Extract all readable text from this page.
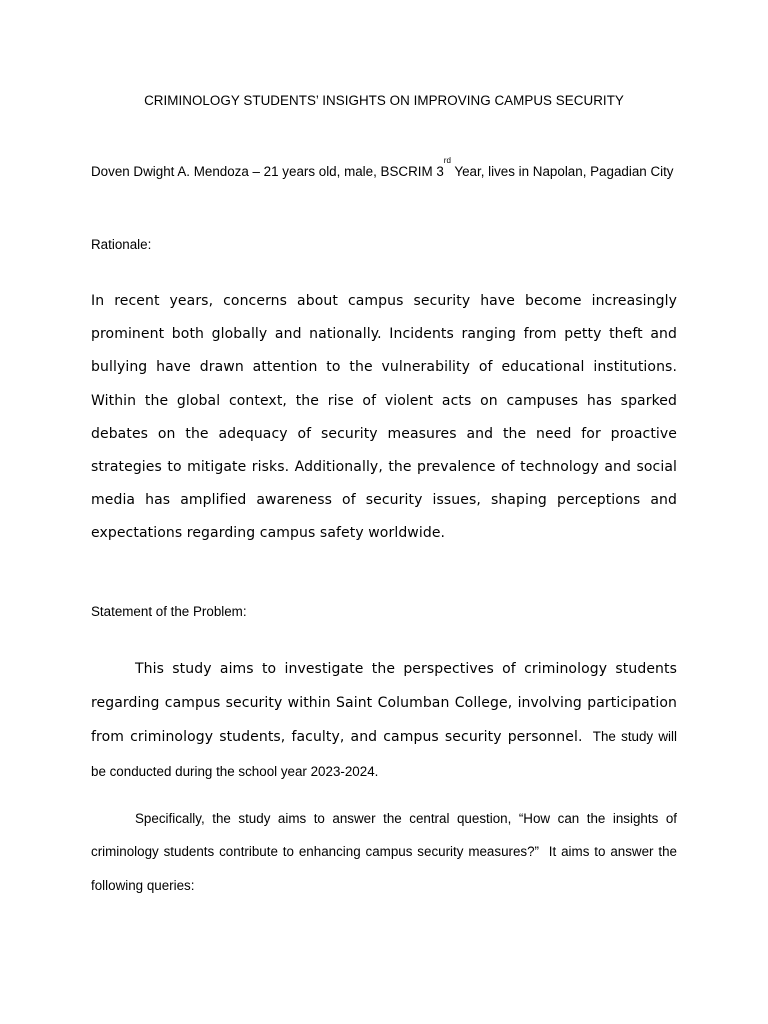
CRIMINOLOGY STUDENTS’ INSIGHTS ON IMPROVING CAMPUS SECURITY
Doven Dwight A. Mendoza – 21 years old, male, BSCRIM 3rd Year, lives in Napolan, Pagadian City
Rationale:
In recent years, concerns about campus security have become increasingly prominent both globally and nationally. Incidents ranging from petty theft and bullying have drawn attention to the vulnerability of educational institutions. Within the global context, the rise of violent acts on campuses has sparked debates on the adequacy of security measures and the need for proactive strategies to mitigate risks. Additionally, the prevalence of technology and social media has amplified awareness of security issues, shaping perceptions and expectations regarding campus safety worldwide.
Statement of the Problem:
This study aims to investigate the perspectives of criminology students regarding campus security within Saint Columban College, involving participation from criminology students, faculty, and campus security personnel.  The study will be conducted during the school year 2023-2024.
Specifically, the study aims to answer the central question, “How can the insights of criminology students contribute to enhancing campus security measures?”  It aims to answer the following queries:
